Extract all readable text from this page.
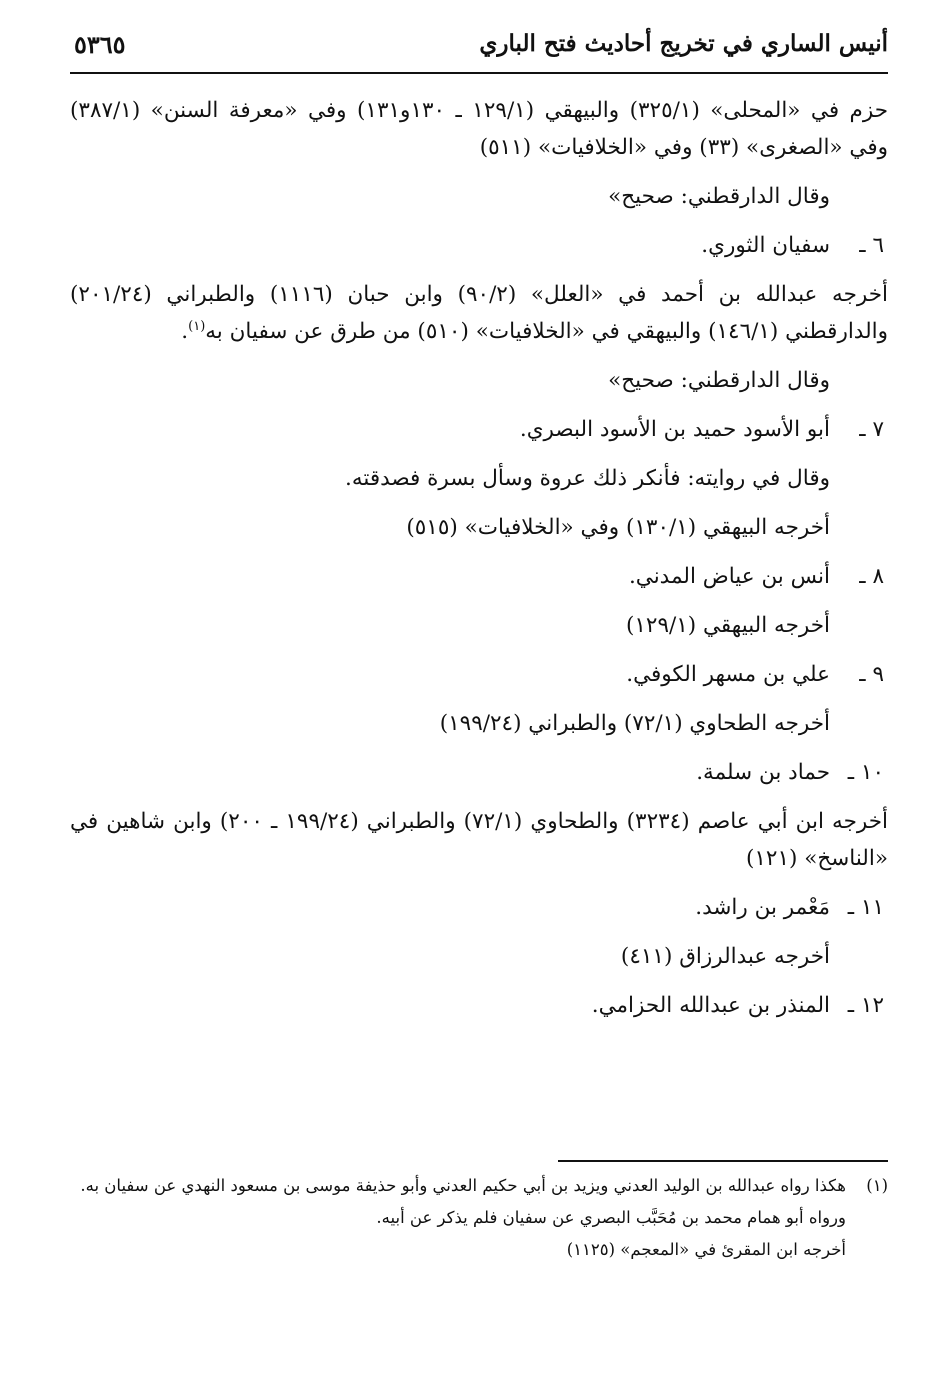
أنيس الساري في تخريج أحاديث فتح الباري
٥٣٦٥

حزم في «المحلى» (٣٢٥/١) والبيهقي (١٢٩/١ ـ ١٣٠و١٣١) وفي «معرفة السنن» (٣٨٧/١) وفي «الصغرى» (٣٣) وفي «الخلافيات» (٥١١)

وقال الدارقطني: صحيح»

٦ ـسفيان الثوري.

أخرجه عبدالله بن أحمد في «العلل» (٩٠/٢) وابن حبان (١١١٦) والطبراني (٢٠١/٢٤) والدارقطني (١٤٦/١) والبيهقي في «الخلافيات» (٥١٠) من طرق عن سفيان به$^{(١)}$.

وقال الدارقطني: صحيح»

٧ ـأبو الأسود حميد بن الأسود البصري.

وقال في روايته: فأنكر ذلك عروة وسأل بسرة فصدقته.

أخرجه البيهقي (١٣٠/١) وفي «الخلافيات» (٥١٥)

٨ ـأنس بن عياض المدني.

أخرجه البيهقي (١٢٩/١)

٩ ـعلي بن مسهر الكوفي.

أخرجه الطحاوي (٧٢/١) والطبراني (١٩٩/٢٤)

١٠ ـحماد بن سلمة.

أخرجه ابن أبي عاصم (٣٢٣٤) والطحاوي (٧٢/١) والطبراني (١٩٩/٢٤ ـ ٢٠٠) وابن شاهين في «الناسخ» (١٢١)

١١ ـمَعْمر بن راشد.

أخرجه عبدالرزاق (٤١١)

١٢ ـالمنذر بن عبدالله الحزامي.
(١)

هكذا رواه عبدالله بن الوليد العدني ويزيد بن أبي حكيم العدني وأبو حذيفة موسى بن مسعود النهدي عن سفيان به.

ورواه أبو همام محمد بن مُحَبَّب البصري عن سفيان فلم يذكر عن أبيه.

أخرجه ابن المقرئ في «المعجم» (١١٢٥)
